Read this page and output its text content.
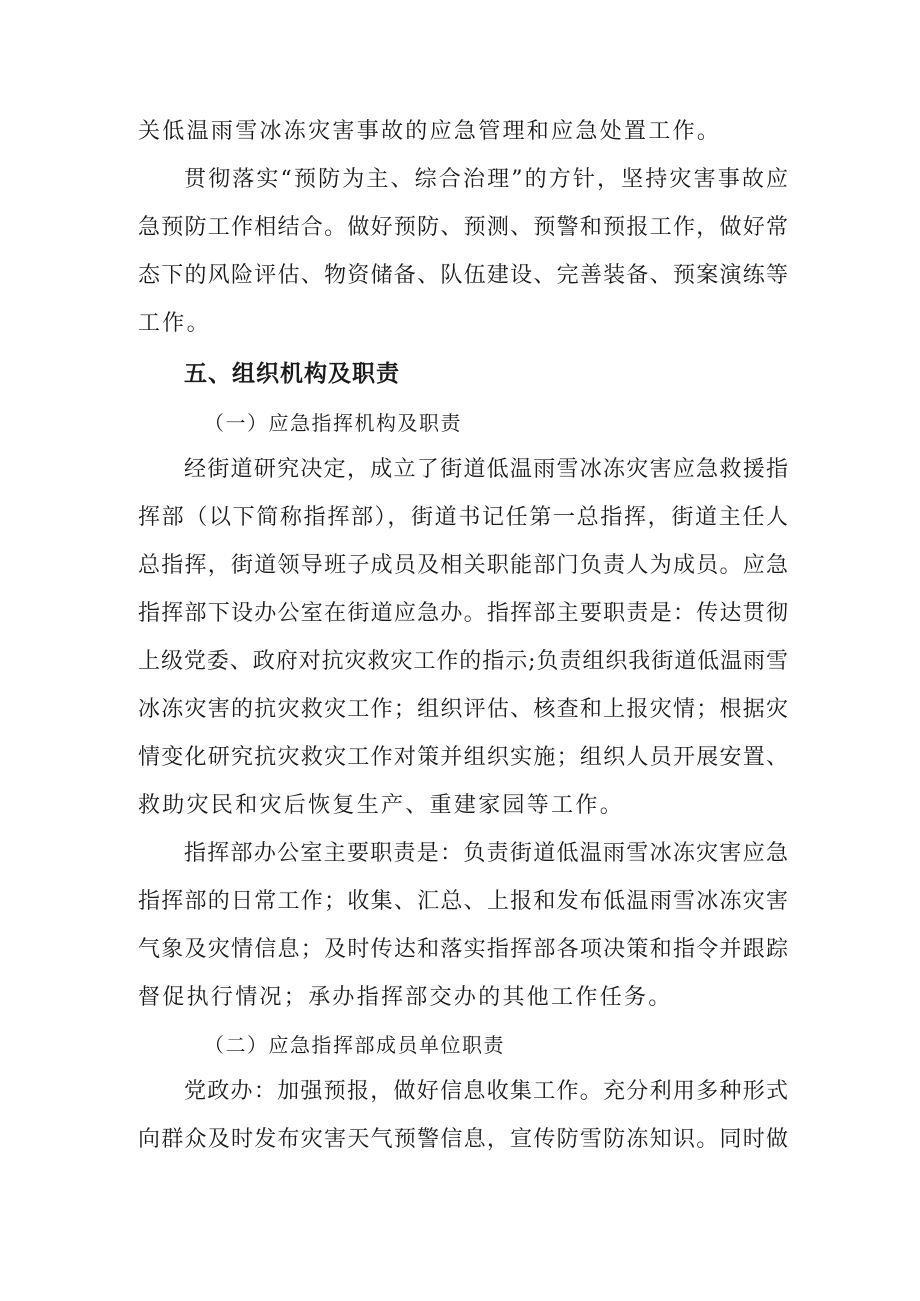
关低温雨雪冰冻灾害事故的应急管理和应急处置工作。
贯彻落实“预防为主、综合治理”的方针，坚持灾害事故应
急预防工作相结合。做好预防、预测、预警和预报工作，做好常
态下的风险评估、物资储备、队伍建设、完善装备、预案演练等
工作。
五、组织机构及职责
（一）应急指挥机构及职责
经街道研究决定，成立了街道低温雨雪冰冻灾害应急救援指
挥部（以下简称指挥部），街道书记任第一总指挥，街道主任人
总指挥，街道领导班子成员及相关职能部门负责人为成员。应急
指挥部下设办公室在街道应急办。指挥部主要职责是：传达贯彻
上级党委、政府对抗灾救灾工作的指示;负责组织我街道低温雨雪
冰冻灾害的抗灾救灾工作；组织评估、核查和上报灾情；根据灾
情变化研究抗灾救灾工作对策并组织实施；组织人员开展安置、
救助灾民和灾后恢复生产、重建家园等工作。
指挥部办公室主要职责是：负责街道低温雨雪冰冻灾害应急
指挥部的日常工作；收集、汇总、上报和发布低温雨雪冰冻灾害
气象及灾情信息；及时传达和落实指挥部各项决策和指令并跟踪
督促执行情况；承办指挥部交办的其他工作任务。
（二）应急指挥部成员单位职责
党政办：加强预报，做好信息收集工作。充分利用多种形式
向群众及时发布灾害天气预警信息，宣传防雪防冻知识。同时做
